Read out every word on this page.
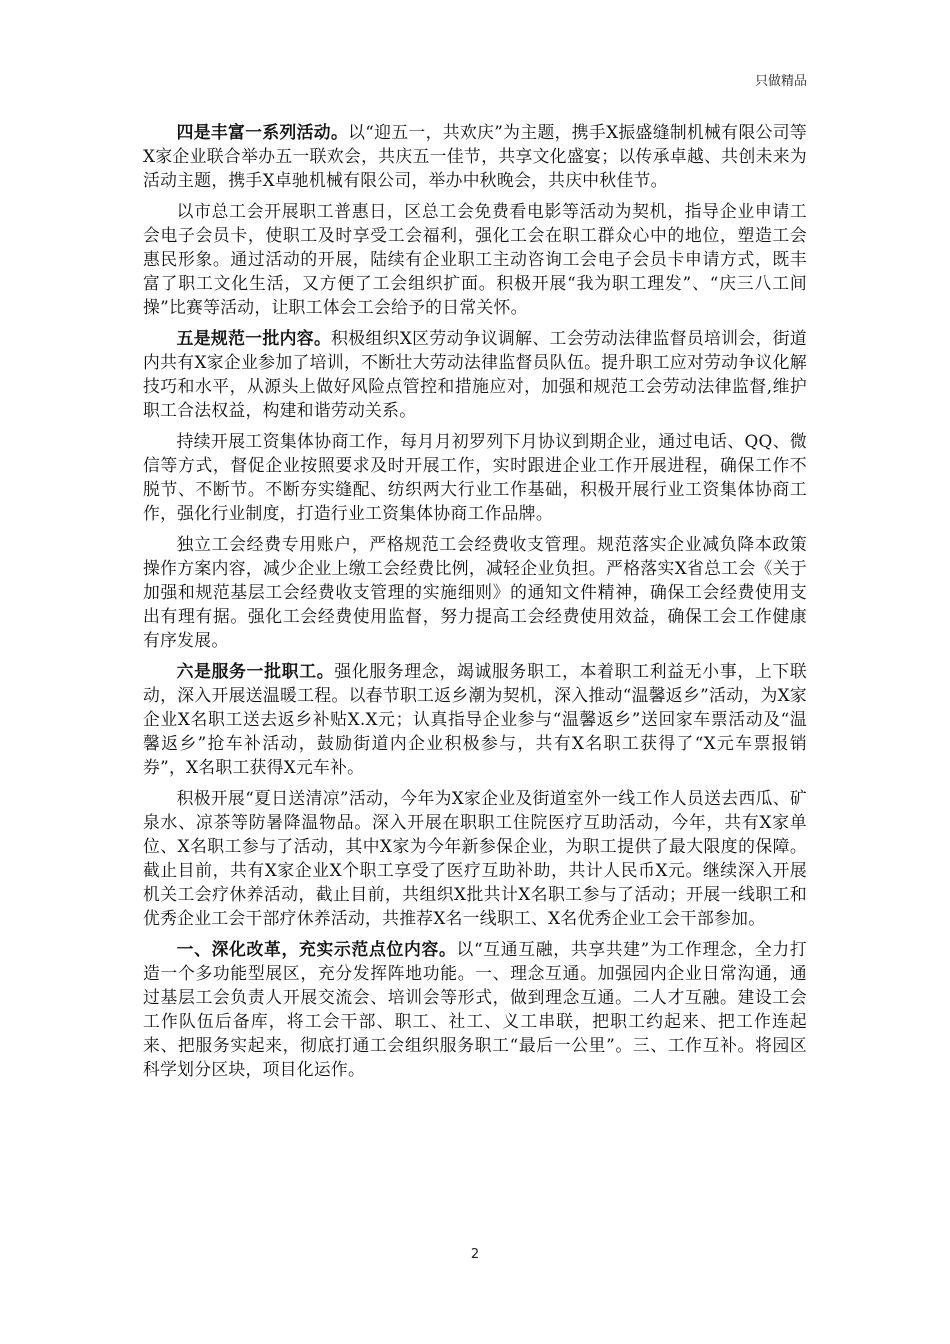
只做精品

四是丰富一系列活动。以“迎五一，共欢庆”为主题，携手X振盛缝制机械有限公司等X家企业联合举办五一联欢会，共庆五一佳节，共享文化盛宴；以传承卓越、共创未来为活动主题，携手X卓驰机械有限公司，举办中秋晚会，共庆中秋佳节。

以市总工会开展职工普惠日，区总工会免费看电影等活动为契机，指导企业申请工会电子会员卡，使职工及时享受工会福利，强化工会在职工群众心中的地位，塑造工会惠民形象。通过活动的开展，陆续有企业职工主动咨询工会电子会员卡申请方式，既丰富了职工文化生活，又方便了工会组织扩面。积极开展“我为职工理发”、“庆三八工间操”比赛等活动，让职工体会工会给予的日常关怀。

五是规范一批内容。积极组织X区劳动争议调解、工会劳动法律监督员培训会，街道内共有X家企业参加了培训，不断壮大劳动法律监督员队伍。提升职工应对劳动争议化解技巧和水平，从源头上做好风险点管控和措施应对，加强和规范工会劳动法律监督,维护职工合法权益，构建和谐劳动关系。

持续开展工资集体协商工作，每月月初罗列下月协议到期企业，通过电话、QQ、微信等方式，督促企业按照要求及时开展工作，实时跟进企业工作开展进程，确保工作不脱节、不断节。不断夯实缝配、纺织两大行业工作基础，积极开展行业工资集体协商工作，强化行业制度，打造行业工资集体协商工作品牌。

独立工会经费专用账户，严格规范工会经费收支管理。规范落实企业减负降本政策操作方案内容，减少企业上缴工会经费比例，减轻企业负担。严格落实X省总工会《关于加强和规范基层工会经费收支管理的实施细则》的通知文件精神，确保工会经费使用支出有理有据。强化工会经费使用监督，努力提高工会经费使用效益，确保工会工作健康有序发展。

六是服务一批职工。强化服务理念，竭诚服务职工，本着职工利益无小事，上下联动，深入开展送温暖工程。以春节职工返乡潮为契机，深入推动“温馨返乡”活动，为X家企业X名职工送去返乡补贴X.X元；认真指导企业参与“温馨返乡”送回家车票活动及“温馨返乡”抢车补活动，鼓励街道内企业积极参与，共有X名职工获得了“X元车票报销券”，X名职工获得X元车补。

积极开展“夏日送清凉”活动，今年为X家企业及街道室外一线工作人员送去西瓜、矿泉水、凉茶等防暑降温物品。深入开展在职职工住院医疗互助活动，今年，共有X家单位、X名职工参与了活动，其中X家为今年新参保企业，为职工提供了最大限度的保障。截止目前，共有X家企业X个职工享受了医疗互助补助，共计人民币X元。继续深入开展机关工会疗休养活动，截止目前，共组织X批共计X名职工参与了活动；开展一线职工和优秀企业工会干部疗休养活动，共推荐X名一线职工、X名优秀企业工会干部参加。

一、深化改革，充实示范点位内容。以“互通互融，共享共建”为工作理念，全力打造一个多功能型展区，充分发挥阵地功能。一、理念互通。加强园内企业日常沟通，通过基层工会负责人开展交流会、培训会等形式，做到理念互通。二人才互融。建设工会工作队伍后备库，将工会干部、职工、社工、义工串联，把职工约起来、把工作连起来、把服务实起来，彻底打通工会组织服务职工“最后一公里”。三、工作互补。将园区科学划分区块，项目化运作。

2
